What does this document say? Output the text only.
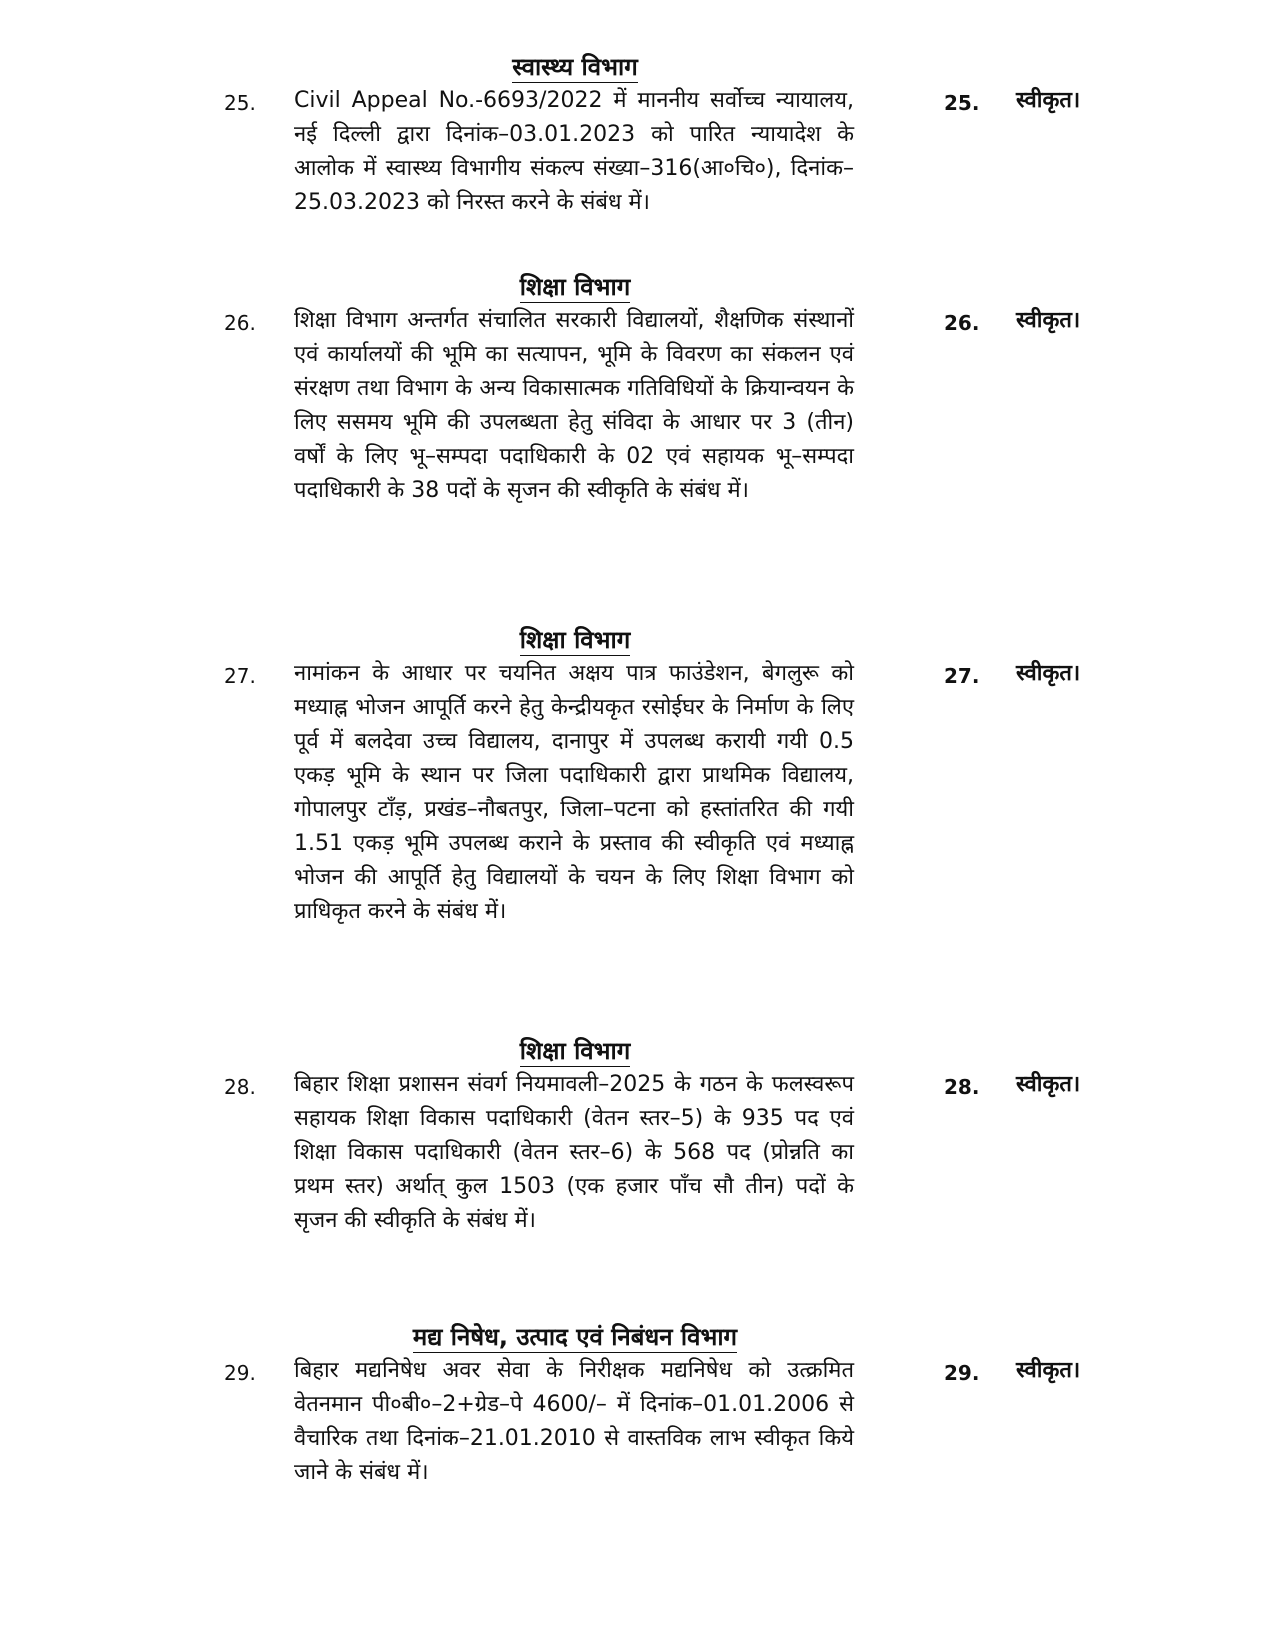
स्वास्थ्य विभाग
25. Civil Appeal No.-6693/2022 में माननीय सर्वोच्च न्यायालय, नई दिल्ली द्वारा दिनांक–03.01.2023 को पारित न्यायादेश के आलोक में स्वास्थ्य विभागीय संकल्प संख्या–316(आ०चि०), दिनांक–25.03.2023 को निरस्त करने के संबंध में।

25. स्वीकृत।
शिक्षा विभाग
26. शिक्षा विभाग अन्तर्गत संचालित सरकारी विद्यालयों, शैक्षणिक संस्थानों एवं कार्यालयों की भूमि का सत्यापन, भूमि के विवरण का संकलन एवं संरक्षण तथा विभाग के अन्य विकासात्मक गतिविधियों के क्रियान्वयन के लिए ससमय भूमि की उपलब्धता हेतु संविदा के आधार पर 3 (तीन) वर्षों के लिए भू–सम्पदा पदाधिकारी के 02 एवं सहायक भू–सम्पदा पदाधिकारी के 38 पदों के सृजन की स्वीकृति के संबंध में।

26. स्वीकृत।
शिक्षा विभाग
27. नामांकन के आधार पर चयनित अक्षय पात्र फाउंडेशन, बेगलुरू को मध्याह्न भोजन आपूर्ति करने हेतु केन्द्रीयकृत रसोईघर के निर्माण के लिए पूर्व में बलदेवा उच्च विद्यालय, दानापुर में उपलब्ध करायी गयी 0.5 एकड़ भूमि के स्थान पर जिला पदाधिकारी द्वारा प्राथमिक विद्यालय, गोपालपुर टाँड़, प्रखंड–नौबतपुर, जिला–पटना को हस्तांतरित की गयी 1.51 एकड़ भूमि उपलब्ध कराने के प्रस्ताव की स्वीकृति एवं मध्याह्न भोजन की आपूर्ति हेतु विद्यालयों के चयन के लिए शिक्षा विभाग को प्राधिकृत करने के संबंध में।

27. स्वीकृत।
शिक्षा विभाग
28. बिहार शिक्षा प्रशासन संवर्ग नियमावली–2025 के गठन के फलस्वरूप सहायक शिक्षा विकास पदाधिकारी (वेतन स्तर–5) के 935 पद एवं शिक्षा विकास पदाधिकारी (वेतन स्तर–6) के 568 पद (प्रोन्नति का प्रथम स्तर) अर्थात् कुल 1503 (एक हजार पाँच सौ तीन) पदों के सृजन की स्वीकृति के संबंध में।

28. स्वीकृत।
मद्य निषेध, उत्पाद एवं निबंधन विभाग
29. बिहार मद्यनिषेध अवर सेवा के निरीक्षक मद्यनिषेध को उत्क्रमित वेतनमान पी०बी०–2+ग्रेड–पे 4600/– में दिनांक–01.01.2006 से वैचारिक तथा दिनांक–21.01.2010 से वास्तविक लाभ स्वीकृत किये जाने के संबंध में।

29. स्वीकृत।
